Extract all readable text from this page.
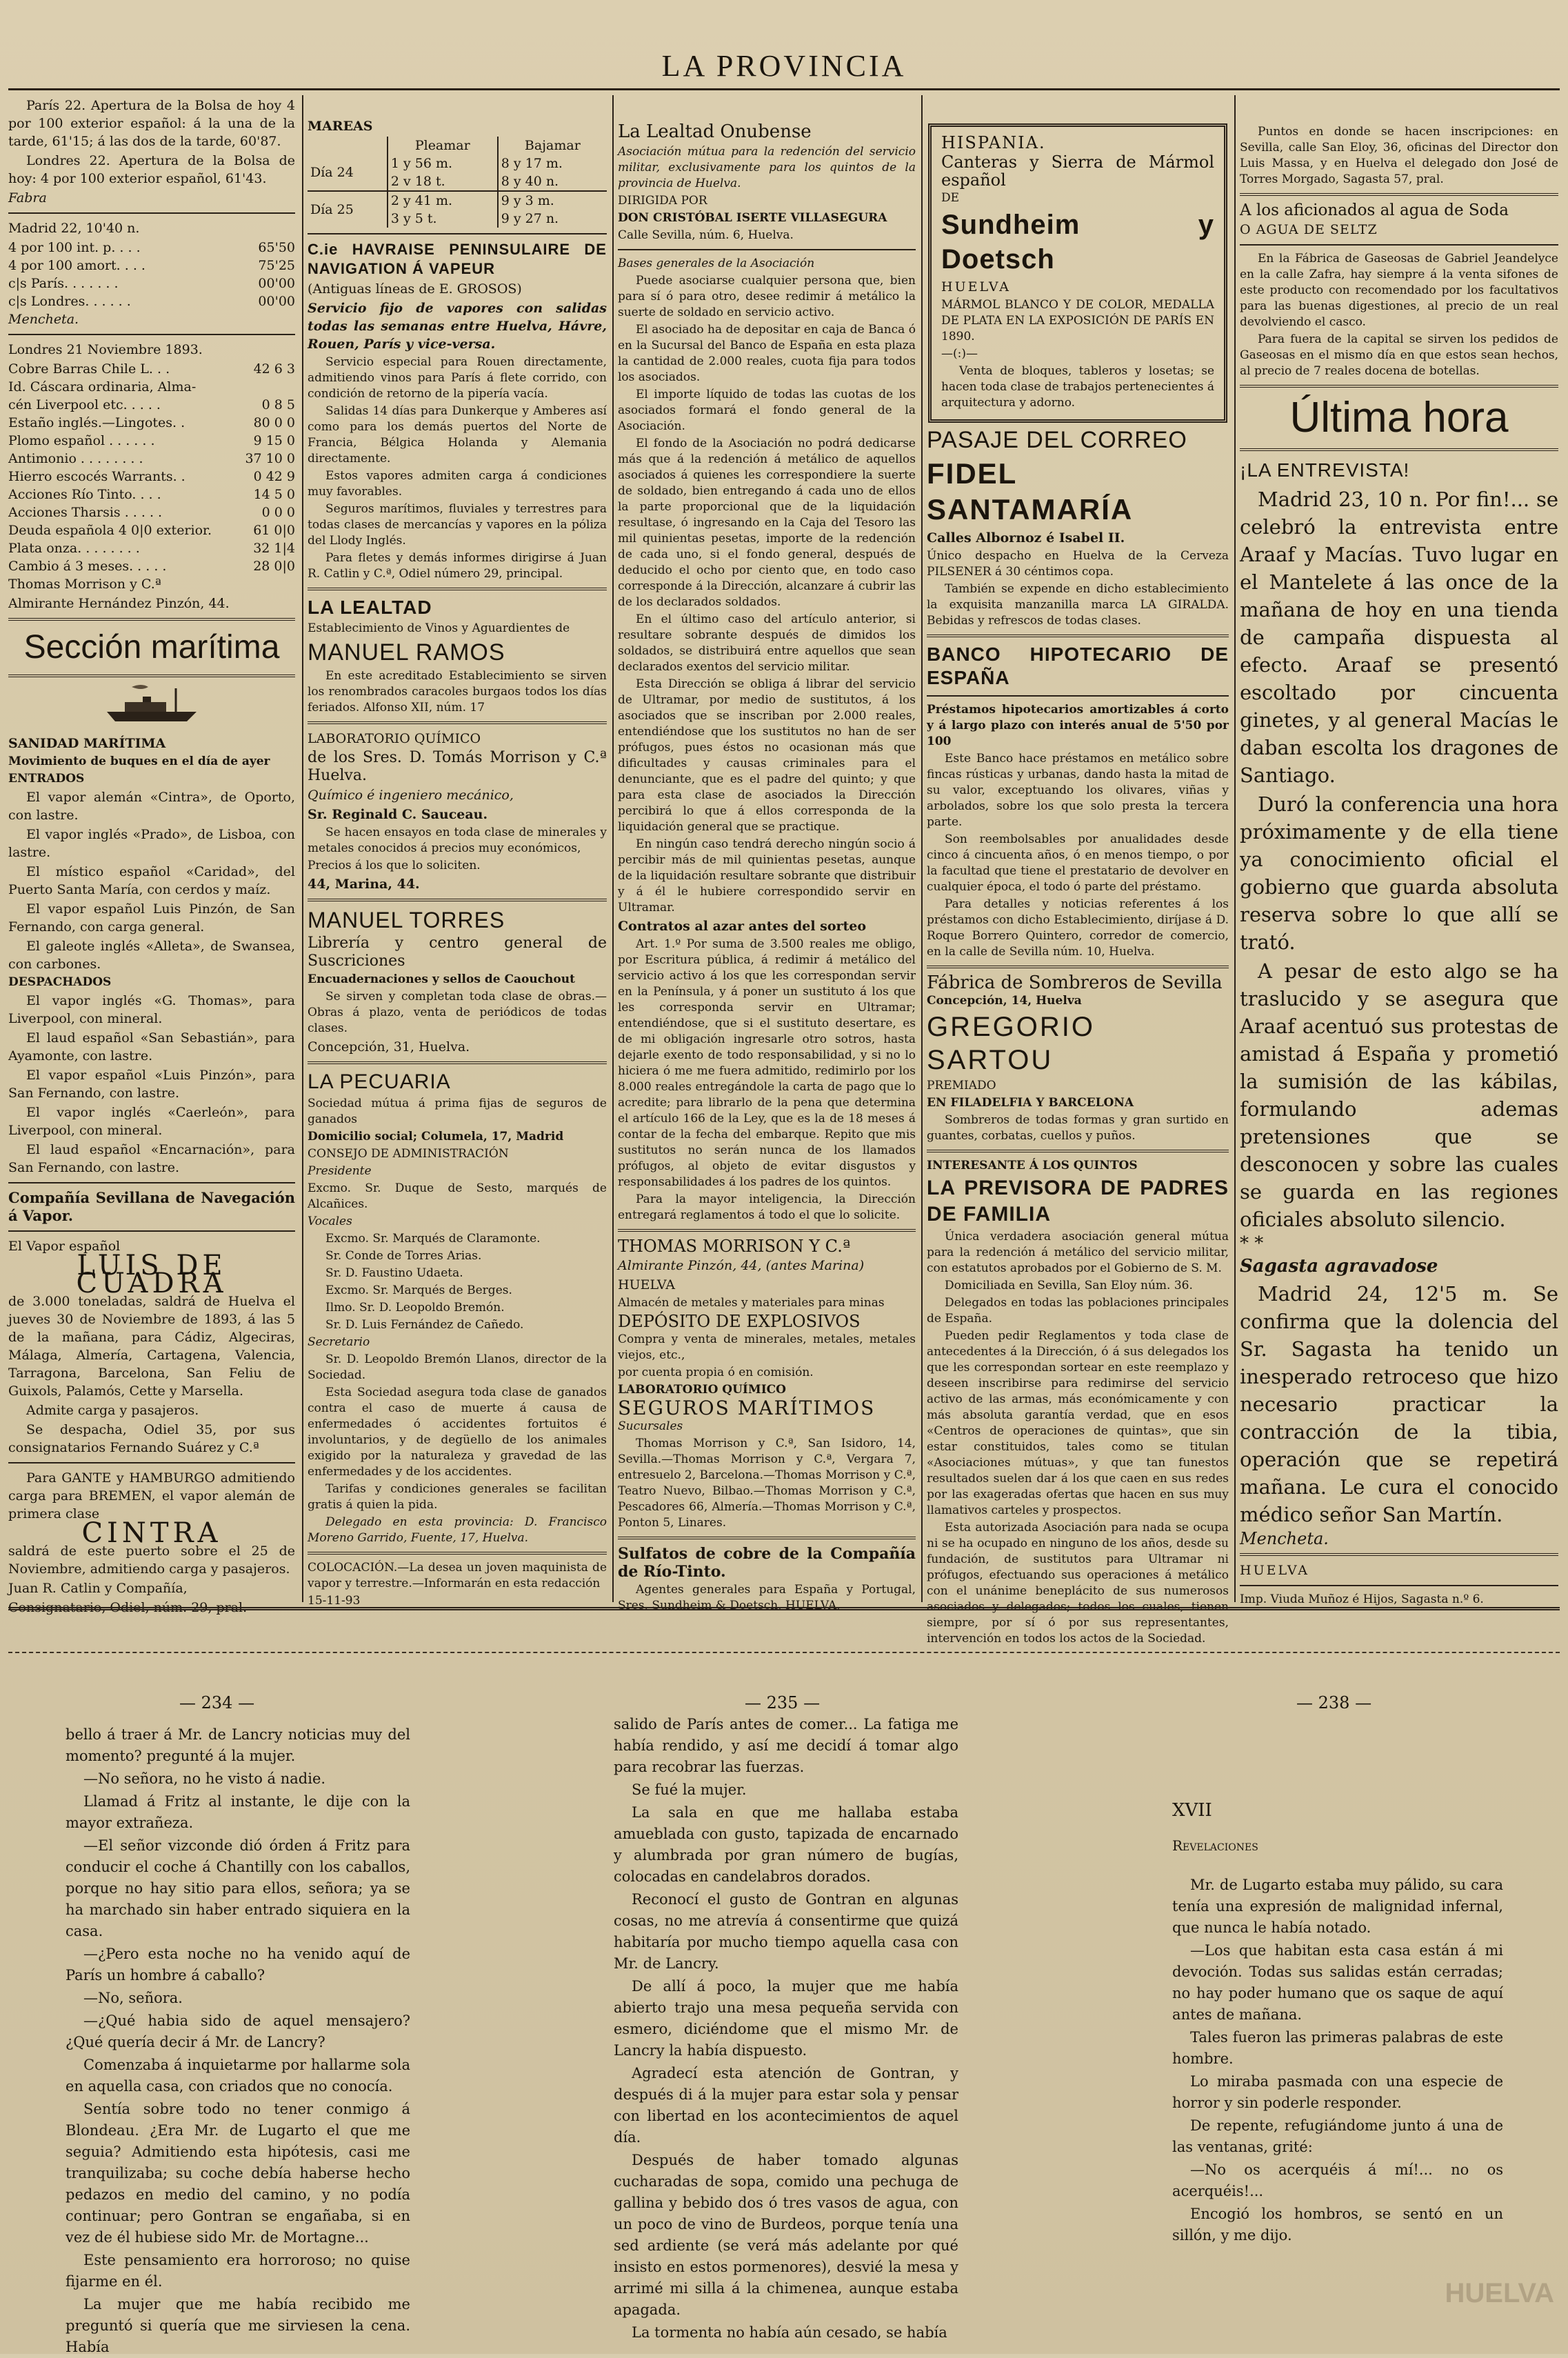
LA PROVINCIA

París 22. Apertura de la Bolsa de hoy 4 por 100 exterior español: á la una de la tarde, 61'15; á las dos de la tarde, 60'87.

Londres 22. Apertura de la Bolsa de hoy: 4 por 100 exterior español, 61'43.

Fabra

Madrid 22, 10'40 n.

4 por 100 int. p. . . .	65'50
4 por 100 amort. . . .	75'25
c|s París. . . . . . .	00'00
c|s Londres. . . . . .	00'00

Mencheta.

Londres 21 Noviembre 1893.

Cobre Barras Chile L. . .	42 6 3
Id. Cáscara ordinaria, Alma-
cén Liverpool etc. . . . .	0 8 5
Estaño inglés.—Lingotes. .	80 0 0
Plomo español . . . . . .	9 15 0
Antimonio . . . . . . . .	37 10 0
Hierro escocés Warrants. .	0 42 9
Acciones Río Tinto. . . .	14 5 0
Acciones Tharsis . . . . .	0 0 0
Deuda española 4 0|0 exterior.	61 0|0
Plata onza. . . . . . . .	32 1|4
Cambio á 3 meses. . . . .	28 0|0

Thomas Morrison y C.ª

Almirante Hernández Pinzón, 44.

Sección marítima

SANIDAD MARÍTIMA

Movimiento de buques en el día de ayer

ENTRADOS

El vapor alemán «Cintra», de Oporto, con lastre.

El vapor inglés «Prado», de Lisboa, con lastre.

El místico español «Caridad», del Puerto Santa María, con cerdos y maíz.

El vapor español Luis Pinzón, de San Fernando, con carga general.

El galeote inglés «Alleta», de Swansea, con carbones.

DESPACHADOS

El vapor inglés «G. Thomas», para Liverpool, con mineral.

El laud español «San Sebastián», para Ayamonte, con lastre.

El vapor español «Luis Pinzón», para San Fernando, con lastre.

El vapor inglés «Caerleón», para Liverpool, con mineral.

El laud español «Encarnación», para San Fernando, con lastre.

Compañía Sevillana de Navegación á Vapor.

El Vapor español

LUIS DE CUADRA

de 3.000 toneladas, saldrá de Huelva el jueves 30 de Noviembre de 1893, á las 5 de la mañana, para Cádiz, Algeciras, Málaga, Almería, Cartagena, Valencia, Tarragona, Barcelona, San Feliu de Guixols, Palamós, Cette y Marsella.

Admite carga y pasajeros.

Se despacha, Odiel 35, por sus consignatarios Fernando Suárez y C.ª

Para GANTE y HAMBURGO admitiendo carga para BREMEN, el vapor alemán de primera clase

CINTRA

saldrá de este puerto sobre el 25 de Noviembre, admitiendo carga y pasajeros.

Juan R. Catlin y Compañía,

Consignatario, Odiel, núm. 29, pral.

MAREAS

	Pleamar	Bajamar
Día 24	1 y 56 m.	8 y 17 m.
	2 v 18 t.	8 y 40 n.
Día 25	2 y 41 m.	9 y 3 m.
	3 y 5 t.	9 y 27 n.

C.ie HAVRAISE PENINSULAIRE DE NAVIGATION Á VAPEUR

(Antiguas líneas de E. GROSOS)

Servicio fijo de vapores con salidas todas las semanas entre Huelva, Hávre, Rouen, París y vice-versa.

Servicio especial para Rouen directamente, admitiendo vinos para París á flete corrido, con condición de retorno de la pipería vacía.

Salidas 14 días para Dunkerque y Amberes así como para los demás puertos del Norte de Francia, Bélgica Holanda y Alemania directamente.

Estos vapores admiten carga á condiciones muy favorables.

Seguros marítimos, fluviales y terrestres para todas clases de mercancías y vapores en la póliza del Llody Inglés.

Para fletes y demás informes dirigirse á Juan R. Catlin y C.ª, Odiel número 29, principal.

LA LEALTAD

Establecimiento de Vinos y Aguardientes de

MANUEL RAMOS

En este acreditado Establecimiento se sirven los renombrados caracoles burgaos todos los días feriados. Alfonso XII, núm. 17

LABORATORIO QUÍMICO

de los Sres. D. Tomás Morrison y C.ª Huelva.

Químico é ingeniero mecánico,

Sr. Reginald C. Sauceau.

Se hacen ensayos en toda clase de minerales y metales conocidos á precios muy económicos,

Precios á los que lo soliciten.

44, Marina, 44.

MANUEL TORRES

Librería y centro general de Suscriciones

Encuadernaciones y sellos de Caouchout

Se sirven y completan toda clase de obras.—Obras á plazo, venta de periódicos de todas clases.

Concepción, 31, Huelva.

LA PECUARIA

Sociedad mútua á prima fijas de seguros de ganados

Domicilio social; Columela, 17, Madrid

CONSEJO DE ADMINISTRACIÓN

Presidente

Excmo. Sr. Duque de Sesto, marqués de Alcañices.

Vocales

Excmo. Sr. Marqués de Claramonte.

Sr. Conde de Torres Arias.

Sr. D. Faustino Udaeta.

Excmo. Sr. Marqués de Berges.

Ilmo. Sr. D. Leopoldo Bremón.

Sr. D. Luis Fernández de Cañedo.

Secretario

Sr. D. Leopoldo Bremón Llanos, director de la Sociedad.

Esta Sociedad asegura toda clase de ganados contra el caso de muerte á causa de enfermedades ó accidentes fortuitos é involuntarios, y de degüello de los animales exigido por la naturaleza y gravedad de las enfermedades y de los accidentes.

Tarifas y condiciones generales se facilitan gratis á quien la pida.

Delegado en esta provincia: D. Francisco Moreno Garrido, Fuente, 17, Huelva.

COLOCACIÓN.—La desea un joven maquinista de vapor y terrestre.—Informarán en esta redacción

15-11-93

La Lealtad Onubense

Asociación mútua para la redención del servicio militar, exclusivamente para los quintos de la provincia de Huelva.

DIRIGIDA POR

DON CRISTÓBAL ISERTE VILLASEGURA

Calle Sevilla, núm. 6, Huelva.

Bases generales de la Asociación

Puede asociarse cualquier persona que, bien para sí ó para otro, desee redimir á metálico la suerte de soldado en servicio activo.

El asociado ha de depositar en caja de Banca ó en la Sucursal del Banco de España en esta plaza la cantidad de 2.000 reales, cuota fija para todos los asociados.

El importe líquido de todas las cuotas de los asociados formará el fondo general de la Asociación.

El fondo de la Asociación no podrá dedicarse más que á la redención á metálico de aquellos asociados á quienes les correspondiere la suerte de soldado, bien entregando á cada uno de ellos la parte proporcional que de la liquidación resultase, ó ingresando en la Caja del Tesoro las mil quinientas pesetas, importe de la redención de cada uno, si el fondo general, después de deducido el ocho por ciento que, en todo caso corresponde á la Dirección, alcanzare á cubrir las de los declarados soldados.

En el último caso del artículo anterior, si resultare sobrante después de dimidos los soldados, se distribuirá entre aquellos que sean declarados exentos del servicio militar.

Esta Dirección se obliga á librar del servicio de Ultramar, por medio de sustitutos, á los asociados que se inscriban por 2.000 reales, entendiéndose que los sustitutos no han de ser prófugos, pues éstos no ocasionan más que dificultades y causas criminales para el denunciante, que es el padre del quinto; y que para esta clase de asociados la Dirección percibirá lo que á ellos corresponda de la liquidación general que se practique.

En ningún caso tendrá derecho ningún socio á percibir más de mil quinientas pesetas, aunque de la liquidación resultare sobrante que distribuir y á él le hubiere correspondido servir en Ultramar.

Contratos al azar antes del sorteo

Art. 1.º Por suma de 3.500 reales me obligo, por Escritura pública, á redimir á metálico del servicio activo á los que les correspondan servir en la Península, y á poner un sustituto á los que les corresponda servir en Ultramar; entendiéndose, que si el sustituto desertare, es de mi obligación ingresarle otro sotros, hasta dejarle exento de todo responsabilidad, y si no lo hiciera ó me me fuera admitido, redimirlo por los 8.000 reales entregándole la carta de pago que lo acredite; para librarlo de la pena que determina el artículo 166 de la Ley, que es la de 18 meses á contar de la fecha del embarque. Repito que mis sustitutos no serán nunca de los llamados prófugos, al objeto de evitar disgustos y responsabilidades á los padres de los quintos.

Para la mayor inteligencia, la Dirección entregará reglamentos á todo el que lo solicite.

THOMAS MORRISON Y C.ª

Almirante Pinzón, 44, (antes Marina)

HUELVA

Almacén de metales y materiales para minas

DEPÓSITO DE EXPLOSIVOS

Compra y venta de minerales, metales, metales viejos, etc.,

por cuenta propia ó en comisión.

LABORATORIO QUÍMICO

SEGUROS MARÍTIMOS

Sucursales

Thomas Morrison y C.ª, San Isidoro, 14, Sevilla.—Thomas Morrison y C.ª, Vergara 7, entresuelo 2, Barcelona.—Thomas Morrison y C.ª, Teatro Nuevo, Bilbao.—Thomas Morrison y C.ª, Pescadores 66, Almería.—Thomas Morrison y C.ª, Ponton 5, Linares.

Sulfatos de cobre de la Compañía de Río-Tinto.

Agentes generales para España y Portugal, Sres. Sundheim & Doetsch. HUELVA.

HISPANIA.

Canteras y Sierra de Mármol español

DE

Sundheim y Doetsch

HUELVA

MÁRMOL BLANCO Y DE COLOR, MEDALLA DE PLATA EN LA EXPOSICIÓN DE PARÍS EN 1890.

—(:)—

Venta de bloques, tableros y losetas; se hacen toda clase de trabajos pertenecientes á arquitectura y adorno.

PASAJE DEL CORREO

FIDEL SANTAMARÍA

Calles Albornoz é Isabel II.

Único despacho en Huelva de la Cerveza PILSENER á 30 céntimos copa.

También se expende en dicho establecimiento la exquisita manzanilla marca LA GIRALDA. Bebidas y refrescos de todas clases.

BANCO HIPOTECARIO DE ESPAÑA

Préstamos hipotecarios amortizables á corto y á largo plazo con interés anual de 5'50 por 100

Este Banco hace préstamos en metálico sobre fincas rústicas y urbanas, dando hasta la mitad de su valor, exceptuando los olivares, viñas y arbolados, sobre los que solo presta la tercera parte.

Son reembolsables por anualidades desde cinco á cincuenta años, ó en menos tiempo, o por la facultad que tiene el prestatario de devolver en cualquier época, el todo ó parte del préstamo.

Para detalles y noticias referentes á los préstamos con dicho Establecimiento, diríjase á D. Roque Borrero Quintero, corredor de comercio, en la calle de Sevilla núm. 10, Huelva.

Fábrica de Sombreros de Sevilla

Concepción, 14, Huelva

GREGORIO SARTOU

PREMIADO

EN FILADELFIA Y BARCELONA

Sombreros de todas formas y gran surtido en guantes, corbatas, cuellos y puños.

INTERESANTE Á LOS QUINTOS

LA PREVISORA DE PADRES DE FAMILIA

Única verdadera asociación general mútua para la redención á metálico del servicio militar, con estatutos aprobados por el Gobierno de S. M.

Domiciliada en Sevilla, San Eloy núm. 36.

Delegados en todas las poblaciones principales de España.

Pueden pedir Reglamentos y toda clase de antecedentes á la Dirección, ó á sus delegados los que les correspondan sortear en este reemplazo y deseen inscribirse para redimirse del servicio activo de las armas, más económicamente y con más absoluta garantía verdad, que en esos «Centros de operaciones de quintas», que sin estar constituidos, tales como se titulan «Asociaciones mútuas», y que tan funestos resultados suelen dar á los que caen en sus redes por las exageradas ofertas que hacen en sus muy llamativos carteles y prospectos.

Esta autorizada Asociación para nada se ocupa ni se ha ocupado en ninguno de los años, desde su fundación, de sustitutos para Ultramar ni prófugos, efectuando sus operaciones á metálico con el unánime beneplácito de sus numerosos asociados y delegados; todos los cuales, tienen siempre, por sí ó por sus representantes, intervención en todos los actos de la Sociedad.

Puntos en donde se hacen inscripciones: en Sevilla, calle San Eloy, 36, oficinas del Director don Luis Massa, y en Huelva el delegado don José de Torres Morgado, Sagasta 57, pral.

A los aficionados al agua de Soda

O AGUA DE SELTZ

En la Fábrica de Gaseosas de Gabriel Jeandelyce en la calle Zafra, hay siempre á la venta sifones de este producto con recomendado por los facultativos para las buenas digestiones, al precio de un real devolviendo el casco.

Para fuera de la capital se sirven los pedidos de Gaseosas en el mismo día en que estos sean hechos, al precio de 7 reales docena de botellas.

Última hora

¡LA ENTREVISTA!

Madrid 23, 10 n. Por fin!... se celebró la entrevista entre Araaf y Macías. Tuvo lugar en el Mantelete á las once de la mañana de hoy en una tienda de campaña dispuesta al efecto. Araaf se presentó escoltado por cincuenta ginetes, y al general Macías le daban escolta los dragones de Santiago.

Duró la conferencia una hora próximamente y de ella tiene ya conocimiento oficial el gobierno que guarda absoluta reserva sobre lo que allí se trató.

A pesar de esto algo se ha traslucido y se asegura que Araaf acentuó sus protestas de amistad á España y prometió la sumisión de las kábilas, formulando ademas pretensiones que se desconocen y sobre las cuales se guarda en las regiones oficiales absoluto silencio.

* *

Sagasta agravadose

Madrid 24, 12'5 m. Se confirma que la dolencia del Sr. Sagasta ha tenido un inesperado retroceso que hizo necesario practicar la contracción de la tibia, operación que se repetirá mañana. Le cura el conocido médico señor San Martín.

Mencheta.

HUELVA

Imp. Viuda Muñoz é Hijos, Sagasta n.º 6.

— 234 —	— 235 —	— 238 —

bello á traer á Mr. de Lancry noticias muy del momento? pregunté á la mujer.

—No señora, no he visto á nadie.

Llamad á Fritz al instante, le dije con la mayor extrañeza.

—El señor vizconde dió órden á Fritz para conducir el coche á Chantilly con los caballos, porque no hay sitio para ellos, señora; ya se ha marchado sin haber entrado siquiera en la casa.

—¿Pero esta noche no ha venido aquí de París un hombre á caballo?

—No, señora.

—¿Qué habia sido de aquel mensajero? ¿Qué quería decir á Mr. de Lancry?

Comenzaba á inquietarme por hallarme sola en aquella casa, con criados que no conocía.

Sentía sobre todo no tener conmigo á Blondeau. ¿Era Mr. de Lugarto el que me seguia? Admitiendo esta hipótesis, casi me tranquilizaba; su coche debía haberse hecho pedazos en medio del camino, y no podía continuar; pero Gontran se engañaba, si en vez de él hubiese sido Mr. de Mortagne...

Este pensamiento era horroroso; no quise fijarme en él.

La mujer que me había recibido me preguntó si quería que me sirviesen la cena. Había

salido de París antes de comer... La fatiga me había rendido, y así me decidí á tomar algo para recobrar las fuerzas.

Se fué la mujer.

La sala en que me hallaba estaba amueblada con gusto, tapizada de encarnado y alumbrada por gran número de bugías, colocadas en candelabros dorados.

Reconocí el gusto de Gontran en algunas cosas, no me atrevía á consentirme que quizá habitaría por mucho tiempo aquella casa con Mr. de Lancry.

De allí á poco, la mujer que me había abierto trajo una mesa pequeña servida con esmero, diciéndome que el mismo Mr. de Lancry la había dispuesto.

Agradecí esta atención de Gontran, y después di á la mujer para estar sola y pensar con libertad en los acontecimientos de aquel día.

Después de haber tomado algunas cucharadas de sopa, comido una pechuga de gallina y bebido dos ó tres vasos de agua, con un poco de vino de Burdeos, porque tenía una sed ardiente (se verá más adelante por qué insisto en estos pormenores), desvié la mesa y arrimé mi silla á la chimenea, aunque estaba apagada.

La tormenta no había aún cesado, se había

XVII

Revelaciones

Mr. de Lugarto estaba muy pálido, su cara tenía una expresión de malignidad infernal, que nunca le había notado.

—Los que habitan esta casa están á mi devoción. Todas sus salidas están cerradas; no hay poder humano que os saque de aquí antes de mañana.

Tales fueron las primeras palabras de este hombre.

Lo miraba pasmada con una especie de horror y sin poderle responder.

De repente, refugiándome junto á una de las ventanas, grité:

—No os acerquéis á mí!... no os acerquéis!...

Encogió los hombros, se sentó en un sillón, y me dijo.

HUELVA
